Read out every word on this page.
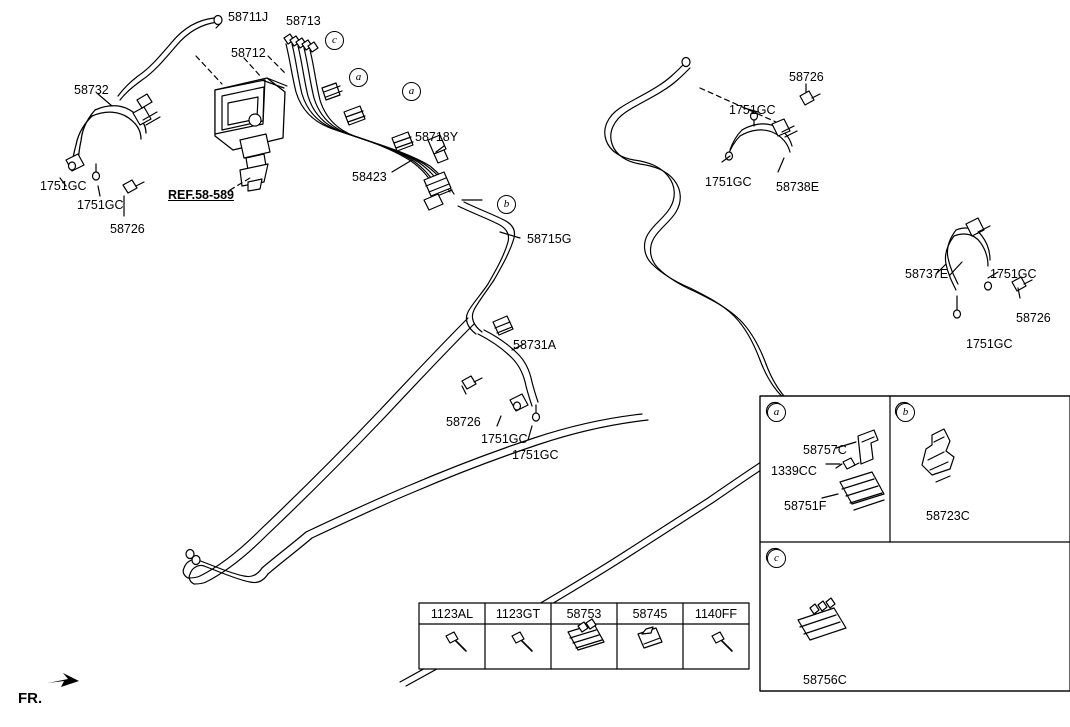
58711J 58713
58712
58732
1751GC
1751GC
58726
58423
58718Y
58715G
58731A
58726
1751GC
1751GC
58726
1751GC
1751GC 58738E
58737E	1751GC
58726
1751GC
REF.58-589
FR.
c
a
a
b
a	b
c
58757C
1339CC
58751F
58723C
58756C
1123AL	1123GT	58753	58745	1140FF
